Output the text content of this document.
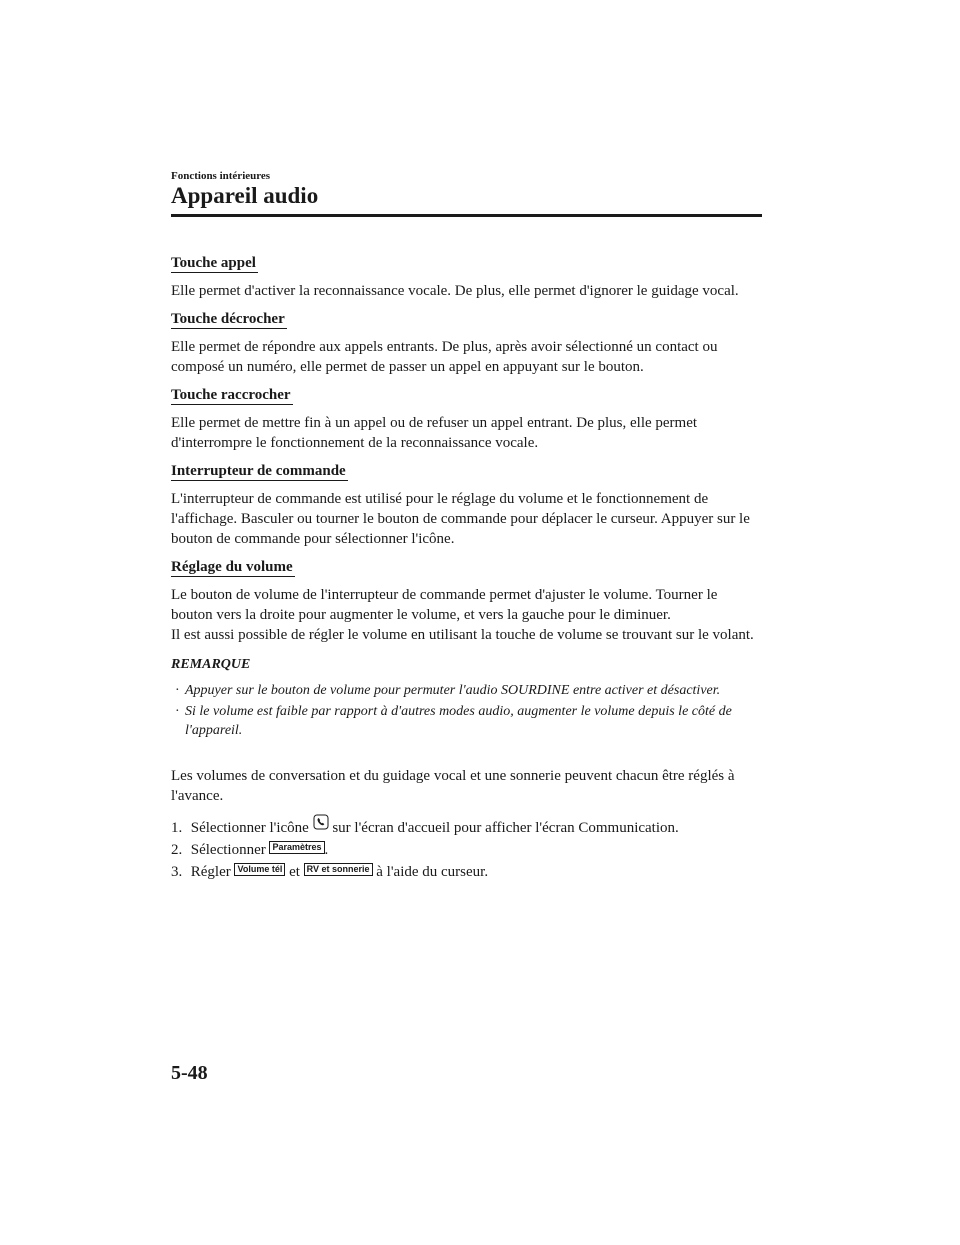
Fonctions intérieures
Appareil audio
Touche appel

Elle permet d'activer la reconnaissance vocale. De plus, elle permet d'ignorer le guidage vocal.

Touche décrocher

Elle permet de répondre aux appels entrants. De plus, après avoir sélectionné un contact ou composé un numéro, elle permet de passer un appel en appuyant sur le bouton.

Touche raccrocher

Elle permet de mettre fin à un appel ou de refuser un appel entrant. De plus, elle permet d'interrompre le fonctionnement de la reconnaissance vocale.

Interrupteur de commande

L'interrupteur de commande est utilisé pour le réglage du volume et le fonctionnement de l'affichage. Basculer ou tourner le bouton de commande pour déplacer le curseur. Appuyer sur le bouton de commande pour sélectionner l'icône.

Réglage du volume

Le bouton de volume de l'interrupteur de commande permet d'ajuster le volume. Tourner le bouton vers la droite pour augmenter le volume, et vers la gauche pour le diminuer.

Il est aussi possible de régler le volume en utilisant la touche de volume se trouvant sur le volant.

REMARQUE
· Appuyer sur le bouton de volume pour permuter l'audio SOURDINE entre activer et désactiver.
· Si le volume est faible par rapport à d'autres modes audio, augmenter le volume depuis le côté de l'appareil.

Les volumes de conversation et du guidage vocal et une sonnerie peuvent chacun être réglés à l'avance.

1. Sélectionner l'icône sur l'écran d'accueil pour afficher l'écran Communication.
2. Sélectionner Paramètres .
3. Régler Volume tél et RV et sonnerie à l'aide du curseur.
5-48
